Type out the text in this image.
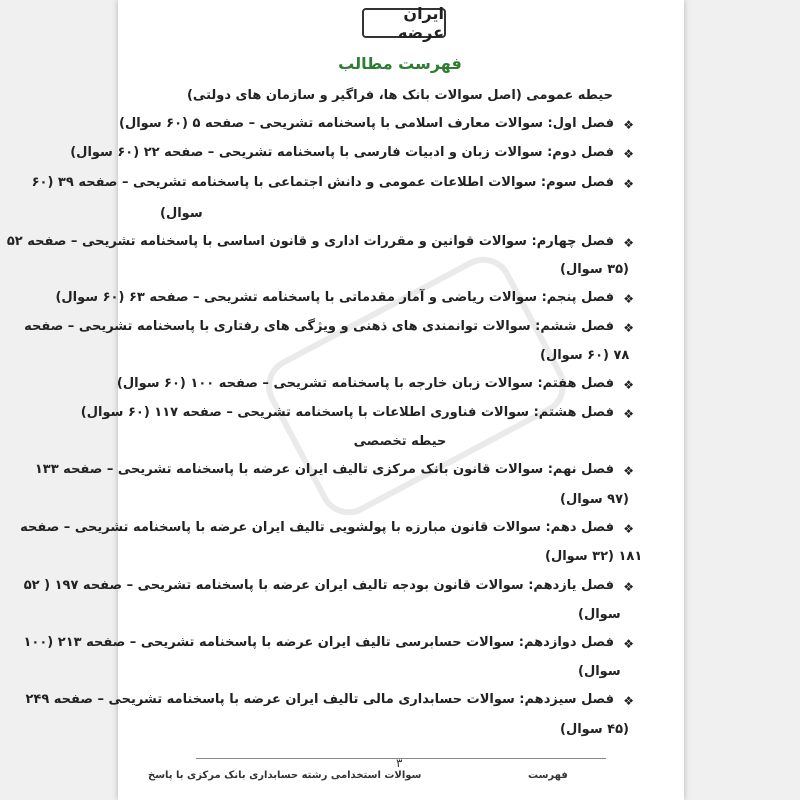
ایران عرضه
فهرست مطالب
حیطه عمومی (اصل سوالات بانک ها، فراگیر و سازمان های دولتی)
❖
فصل اول: سوالات معارف اسلامی با پاسخنامه تشریحی – صفحه ۵ (۶۰ سوال)
❖
فصل دوم: سوالات زبان و ادبیات فارسی با پاسخنامه تشریحی – صفحه ۲۲ (۶۰ سوال)
❖
فصل سوم: سوالات اطلاعات عمومی و دانش اجتماعی با پاسخنامه تشریحی – صفحه ۳۹ (۶۰
سوال)
❖
فصل چهارم: سوالات قوانین و مقررات اداری و قانون اساسی با پاسخنامه تشریحی – صفحه ۵۲
(۳۵ سوال)
❖
فصل پنجم: سوالات ریاضی و آمار مقدماتی با پاسخنامه تشریحی – صفحه ۶۳ (۶۰ سوال)
❖
فصل ششم: سوالات توانمندی های ذهنی و ویژگی های رفتاری با پاسخنامه تشریحی – صفحه
۷۸ (۶۰ سوال)
❖
فصل هفتم: سوالات زبان خارجه با پاسخنامه تشریحی – صفحه ۱۰۰ (۶۰ سوال)
❖
فصل هشتم: سوالات فناوری اطلاعات با پاسخنامه تشریحی – صفحه ۱۱۷ (۶۰ سوال)
حیطه تخصصی
❖
فصل نهم: سوالات قانون بانک مرکزی تالیف ایران عرضه با پاسخنامه تشریحی – صفحه ۱۳۳
(۹۷ سوال)
❖
فصل دهم: سوالات قانون مبارزه با پولشویی تالیف ایران عرضه با پاسخنامه تشریحی – صفحه
۱۸۱ (۳۲ سوال)
❖
فصل یازدهم: سوالات قانون بودجه تالیف ایران عرضه با پاسخنامه تشریحی – صفحه ۱۹۷ ( ۵۲
سوال)
❖
فصل دوازدهم: سوالات حسابرسی تالیف ایران عرضه با پاسخنامه تشریحی – صفحه ۲۱۳ (۱۰۰
سوال)
❖
فصل سیزدهم: سوالات حسابداری مالی تالیف ایران عرضه با پاسخنامه تشریحی – صفحه ۲۴۹
(۴۵ سوال)
۳
فهرست
سوالات استخدامی رشته حسابداری بانک مرکزی با پاسخ
